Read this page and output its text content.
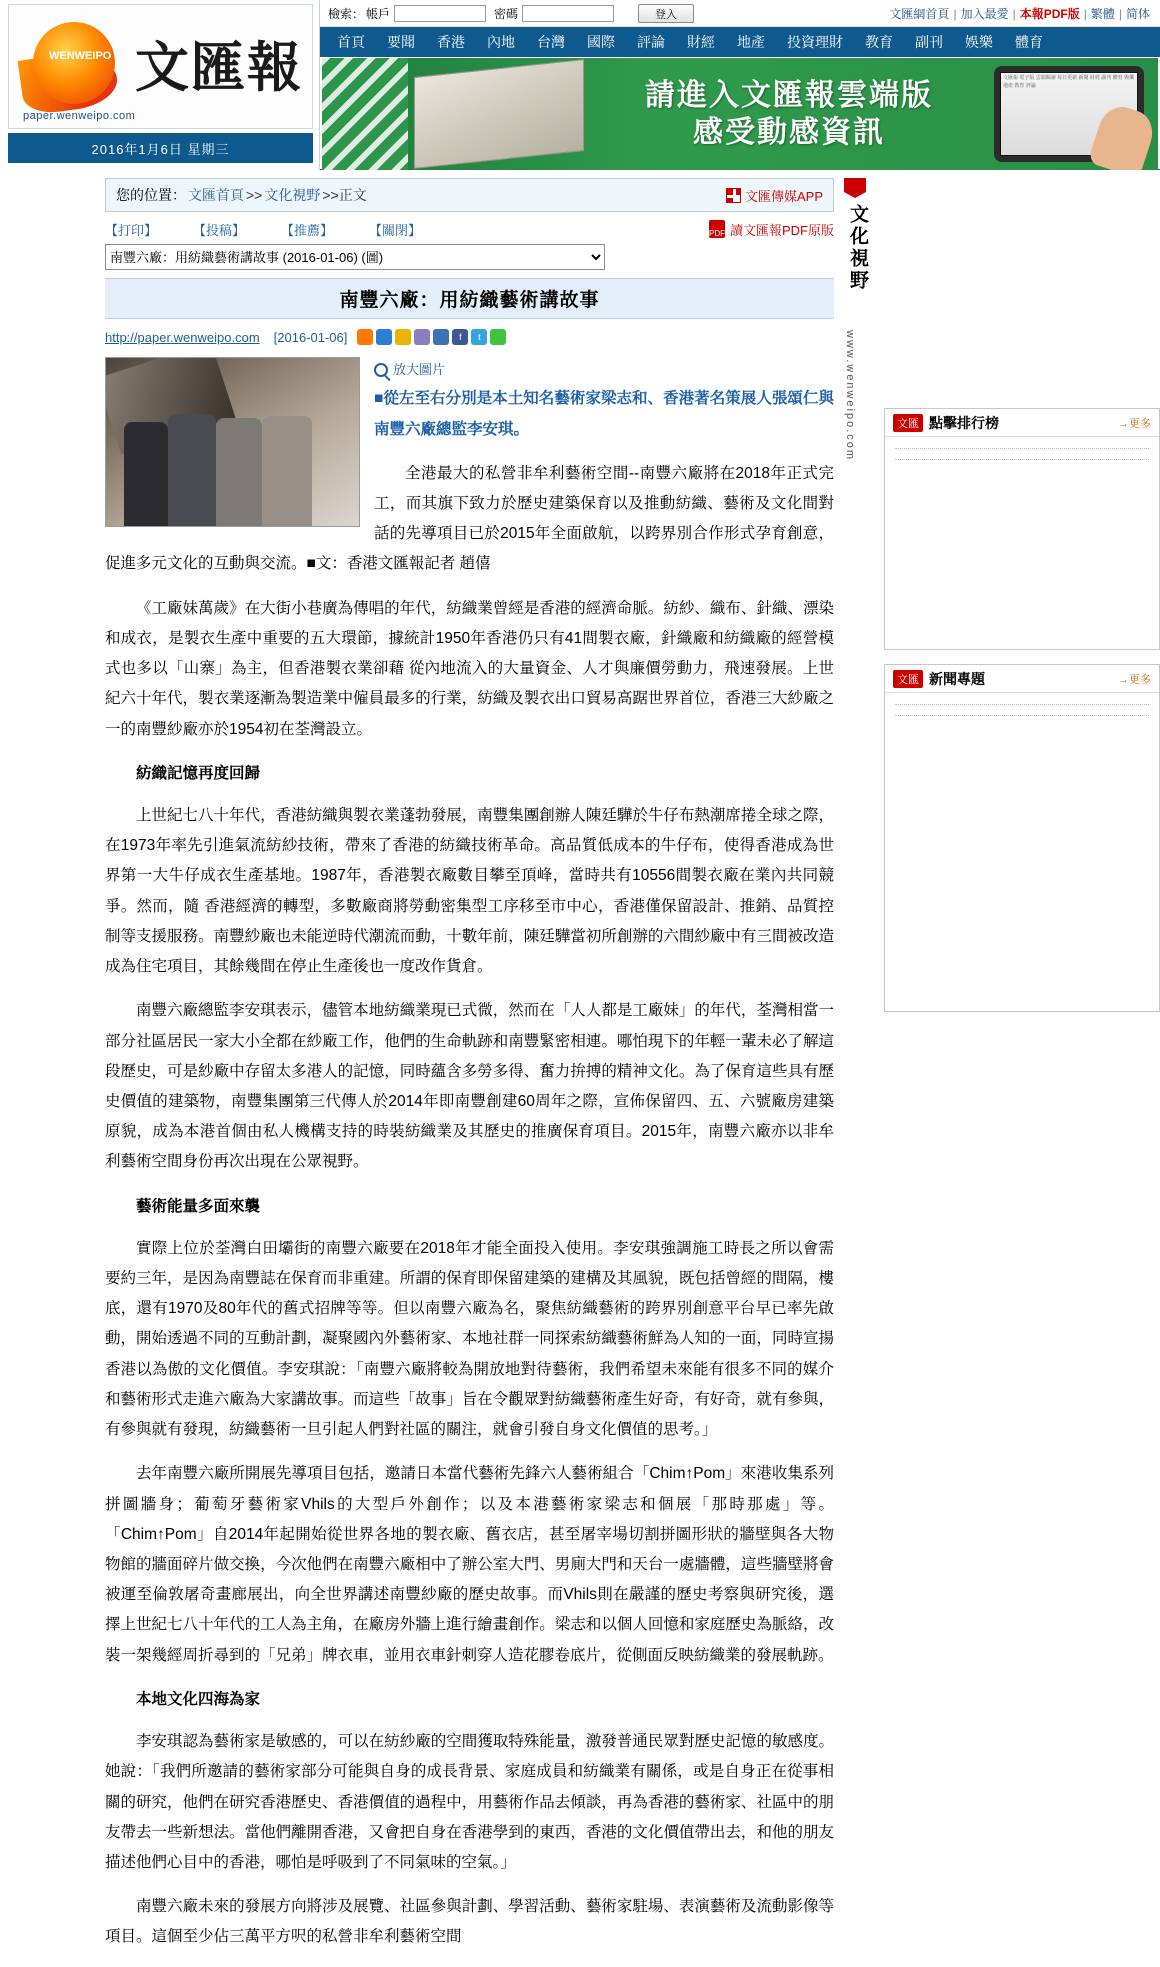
WENWEIPO 文匯報
paper.wenweipo.com
2016年1月6日 星期三
檢索： 帳戶	密碼	登入	文匯網首頁 | 加入最愛 | 本報PDF版 | 繁體 | 简体
首頁	要聞	香港	內地	台灣	國際	評論	財經	地產	投資理財	教育	副刊	娛樂	體育
請進入文匯報雲端版
感受動感資訊
文匯報 電子版 雲端閱讀 每日更新 新聞 財經 副刊 體育 娛樂 地產 教育 評論
您的位置： 文匯首頁 >> 文化視野 >> 正文	文匯傳媒APP
【打印】	【投稿】	【推薦】	【關閉】	PDF 讀文匯報PDF原版
南豐六廠：用紡織藝術講故事 (2016-01-06) (圖)
南豐六廠：用紡織藝術講故事
http://paper.wenweipo.com [2016-01-06]	f	t
放大圖片

■從左至右分別是本土知名藝術家梁志和、香港著名策展人張頌仁與南豐六廠總監李安琪。

全港最大的私營非牟利藝術空間--南豐六廠將在2018年正式完工，而其旗下致力於歷史建築保育以及推動紡織、藝術及文化間對話的先導項目已於2015年全面啟航，以跨界別合作形式孕育創意，促進多元文化的互動與交流。■文：香港文匯報記者 趙僖

《工廠妹萬歲》在大街小巷廣為傳唱的年代，紡織業曾經是香港的經濟命脈。紡紗、織布、針織、漂染和成衣，是製衣生產中重要的五大環節，據統計1950年香港仍只有41間製衣廠，針織廠和紡織廠的經營模式也多以「山寨」為主，但香港製衣業卻藉 從內地流入的大量資金、人才與廉價勞動力，飛速發展。上世紀六十年代，製衣業逐漸為製造業中僱員最多的行業，紡織及製衣出口貿易高踞世界首位，香港三大紗廠之一的南豐紗廠亦於1954初在荃灣設立。

紡織記憶再度回歸

上世紀七八十年代，香港紡織與製衣業蓬勃發展，南豐集團創辦人陳廷驊於牛仔布熱潮席捲全球之際，在1973年率先引進氣流紡紗技術，帶來了香港的紡織技術革命。高品質低成本的牛仔布，使得香港成為世界第一大牛仔成衣生產基地。1987年，香港製衣廠數目攀至頂峰，當時共有10556間製衣廠在業內共同競爭。然而，隨 香港經濟的轉型，多數廠商將勞動密集型工序移至市中心，香港僅保留設計、推銷、品質控制等支援服務。南豐紗廠也未能逆時代潮流而動，十數年前，陳廷驊當初所創辦的六間紗廠中有三間被改造成為住宅項目，其餘幾間在停止生產後也一度改作貨倉。

南豐六廠總監李安琪表示，儘管本地紡織業現已式微，然而在「人人都是工廠妹」的年代，荃灣相當一部分社區居民一家大小全都在紗廠工作，他們的生命軌跡和南豐緊密相連。哪怕現下的年輕一輩未必了解這段歷史，可是紗廠中存留太多港人的記憶，同時蘊含多勞多得、奮力拚搏的精神文化。為了保育這些具有歷史價值的建築物，南豐集團第三代傳人於2014年即南豐創建60周年之際，宣佈保留四、五、六號廠房建築原貌，成為本港首個由私人機構支持的時裝紡織業及其歷史的推廣保育項目。2015年，南豐六廠亦以非牟利藝術空間身份再次出現在公眾視野。

藝術能量多面來襲

實際上位於荃灣白田壩街的南豐六廠要在2018年才能全面投入使用。李安琪強調施工時長之所以會需要約三年，是因為南豐誌在保育而非重建。所謂的保育即保留建築的建構及其風貌，既包括曾經的間隔，樓底，還有1970及80年代的舊式招牌等等。但以南豐六廠為名，聚焦紡織藝術的跨界別創意平台早已率先啟動，開始透過不同的互動計劃，凝聚國內外藝術家、本地社群一同探索紡織藝術鮮為人知的一面，同時宣揚香港以為傲的文化價值。李安琪說：「南豐六廠將較為開放地對待藝術，我們希望未來能有很多不同的媒介和藝術形式走進六廠為大家講故事。而這些「故事」旨在令觀眾對紡織藝術產生好奇，有好奇，就有參與，有參與就有發現，紡織藝術一旦引起人們對社區的關注，就會引發自身文化價值的思考。」

去年南豐六廠所開展先導項目包括，邀請日本當代藝術先鋒六人藝術組合「Chim↑Pom」來港收集系列拼圖牆身；葡萄牙藝術家Vhils的大型戶外創作；以及本港藝術家梁志和個展「那時那處」等。「Chim↑Pom」自2014年起開始從世界各地的製衣廠、舊衣店，甚至屠宰場切割拼圖形狀的牆壁與各大物物館的牆面碎片做交換，今次他們在南豐六廠相中了辦公室大門、男廁大門和天台一處牆體，這些牆壁將會被運至倫敦屠奇畫廊展出，向全世界講述南豐紗廠的歷史故事。而Vhils則在嚴謹的歷史考察與研究後，選擇上世紀七八十年代的工人為主角，在廠房外牆上進行繪畫創作。梁志和以個人回憶和家庭歷史為脈絡，改裝一架幾經周折尋到的「兄弟」牌衣車，並用衣車針刺穿人造花膠卷底片，從側面反映紡織業的發展軌跡。

本地文化四海為家

李安琪認為藝術家是敏感的，可以在紡紗廠的空間獲取特殊能量，激發普通民眾對歷史記憶的敏感度。她說：「我們所邀請的藝術家部分可能與自身的成長背景、家庭成員和紡織業有關係，或是自身正在從事相關的研究，他們在研究香港歷史、香港價值的過程中，用藝術作品去傾談，再為香港的藝術家、社區中的朋友帶去一些新想法。當他們離開香港，又會把自身在香港學到的東西，香港的文化價值帶出去，和他的朋友描述他們心目中的香港，哪怕是呼吸到了不同氣味的空氣。」

南豐六廠未來的發展方向將涉及展覽、社區參與計劃、學習活動、藝術家駐場、表演藝術及流動影像等項目。這個至少佔三萬平方呎的私營非牟利藝術空間

文化視野
www.wenweipo.com	文匯 點擊排行榜	→更多
文匯 新聞專題	→更多
